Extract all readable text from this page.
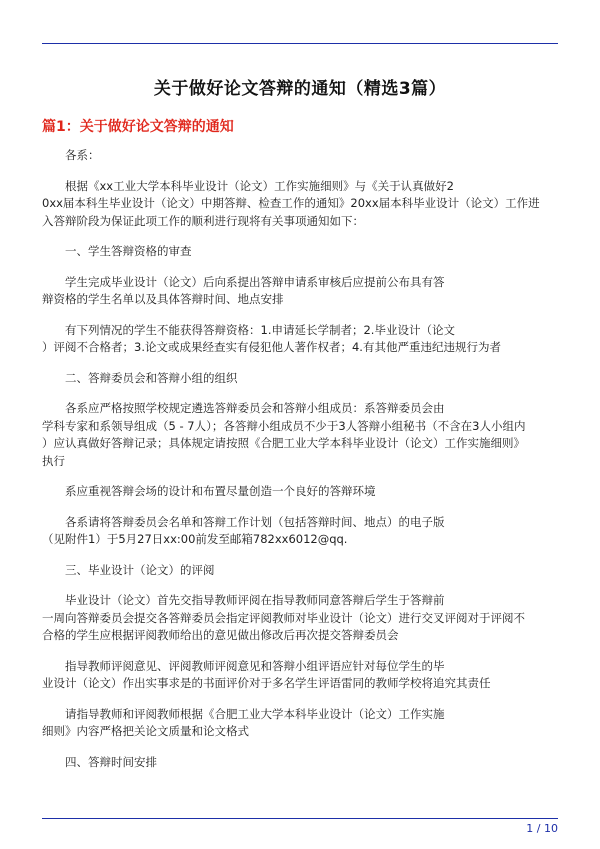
关于做好论文答辩的通知（精选3篇）
篇1：关于做好论文答辩的通知
各系：
根据《xx工业大学本科毕业设计（论文）工作实施细则》与《关于认真做好2
0xx届本科生毕业设计（论文）中期答辩、检查工作的通知》20xx届本科毕业设计（论文）工作进
入答辩阶段为保证此项工作的顺利进行现将有关事项通知如下：
一、学生答辩资格的审查
学生完成毕业设计（论文）后向系提出答辩申请系审核后应提前公布具有答
辩资格的学生名单以及具体答辩时间、地点安排
有下列情况的学生不能获得答辩资格：1.申请延长学制者；2.毕业设计（论文
）评阅不合格者；3.论文或成果经查实有侵犯他人著作权者；4.有其他严重违纪违规行为者
二、答辩委员会和答辩小组的组织
各系应严格按照学校规定遴选答辩委员会和答辩小组成员：系答辩委员会由
学科专家和系领导组成（5 - 7人）；各答辩小组成员不少于3人答辩小组秘书（不含在3人小组内
）应认真做好答辩记录；具体规定请按照《合肥工业大学本科毕业设计（论文）工作实施细则》
执行
系应重视答辩会场的设计和布置尽量创造一个良好的答辩环境
各系请将答辩委员会名单和答辩工作计划（包括答辩时间、地点）的电子版
（见附件1）于5月27日xx:00前发至邮箱782xx6012@qq.
三、毕业设计（论文）的评阅
毕业设计（论文）首先交指导教师评阅在指导教师同意答辩后学生于答辩前
一周向答辩委员会提交各答辩委员会指定评阅教师对毕业设计（论文）进行交叉评阅对于评阅不
合格的学生应根据评阅教师给出的意见做出修改后再次提交答辩委员会
指导教师评阅意见、评阅教师评阅意见和答辩小组评语应针对每位学生的毕
业设计（论文）作出实事求是的书面评价对于多名学生评语雷同的教师学校将追究其责任
请指导教师和评阅教师根据《合肥工业大学本科毕业设计（论文）工作实施
细则》内容严格把关论文质量和论文格式
四、答辩时间安排
1 / 10
